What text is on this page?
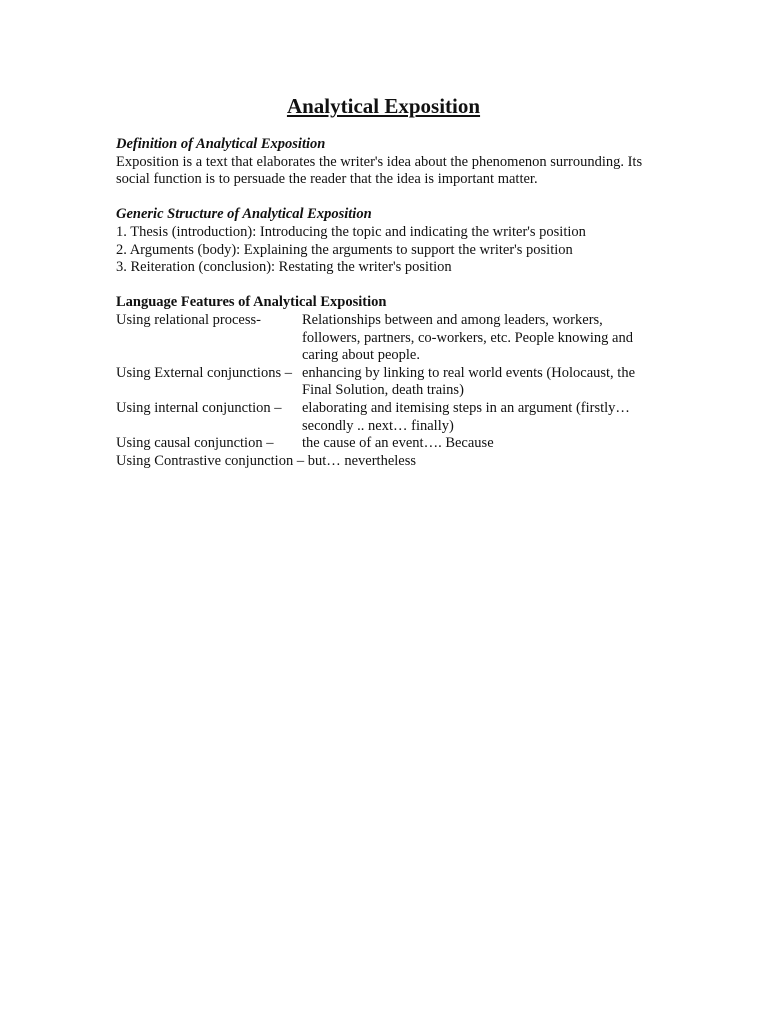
Analytical Exposition

Definition of Analytical Exposition

Exposition is a text that elaborates the writer's idea about the phenomenon surrounding. Its social function is to persuade the reader that the idea is important matter.

Generic Structure of Analytical Exposition

1. Thesis (introduction): Introducing the topic and indicating the writer's position

2. Arguments (body): Explaining the arguments to support the writer's position

3. Reiteration (conclusion): Restating the writer's position

Language Features of Analytical Exposition

Using relational process-	Relationships between and among leaders, workers, followers, partners, co-workers, etc. People knowing and caring about people.
Using External conjunctions – enhancing by linking to real world events (Holocaust, the Final Solution, death trains)
Using internal conjunction –	elaborating and itemising steps in an argument (firstly… secondly .. next… finally)
Using causal conjunction –	the cause of an event…. Because
Using Contrastive conjunction – but… nevertheless
